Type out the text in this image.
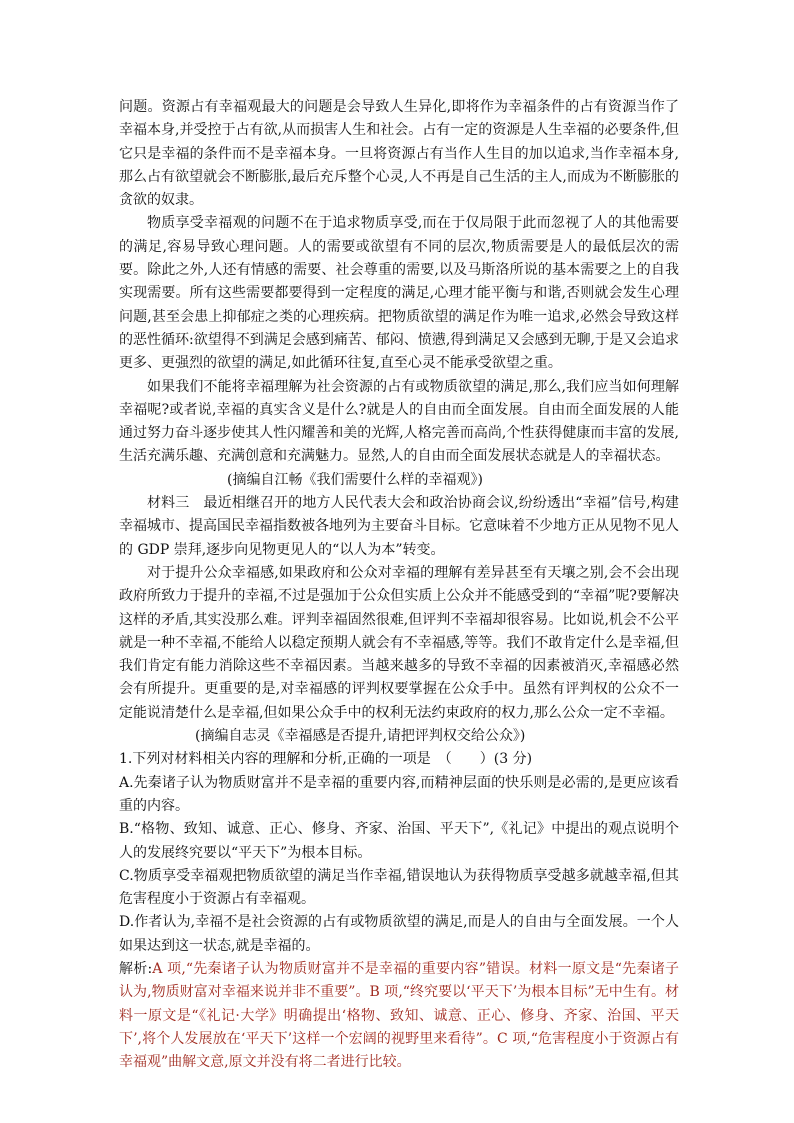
问题。资源占有幸福观最大的问题是会导致人生异化,即将作为幸福条件的占有资源当作了幸福本身,并受控于占有欲,从而损害人生和社会。占有一定的资源是人生幸福的必要条件,但它只是幸福的条件而不是幸福本身。一旦将资源占有当作人生目的加以追求,当作幸福本身,那么占有欲望就会不断膨胀,最后充斥整个心灵,人不再是自己生活的主人,而成为不断膨胀的贪欲的奴隶。

物质享受幸福观的问题不在于追求物质享受,而在于仅局限于此而忽视了人的其他需要的满足,容易导致心理问题。人的需要或欲望有不同的层次,物质需要是人的最低层次的需要。除此之外,人还有情感的需要、社会尊重的需要,以及马斯洛所说的基本需要之上的自我实现需要。所有这些需要都要得到一定程度的满足,心理才能平衡与和谐,否则就会发生心理问题,甚至会患上抑郁症之类的心理疾病。把物质欲望的满足作为唯一追求,必然会导致这样的恶性循环:欲望得不到满足会感到痛苦、郁闷、愤懑,得到满足又会感到无聊,于是又会追求更多、更强烈的欲望的满足,如此循环往复,直至心灵不能承受欲望之重。

如果我们不能将幸福理解为社会资源的占有或物质欲望的满足,那么,我们应当如何理解幸福呢?或者说,幸福的真实含义是什么?就是人的自由而全面发展。自由而全面发展的人能通过努力奋斗逐步使其人性闪耀善和美的光辉,人格完善而高尚,个性获得健康而丰富的发展,生活充满乐趣、充满创意和充满魅力。显然,人的自由而全面发展状态就是人的幸福状态。

(摘编自江畅《我们需要什么样的幸福观》)

材料三　最近相继召开的地方人民代表大会和政治协商会议,纷纷透出“幸福”信号,构建幸福城市、提高国民幸福指数被各地列为主要奋斗目标。它意味着不少地方正从见物不见人的 GDP 崇拜,逐步向见物更见人的“以人为本”转变。

对于提升公众幸福感,如果政府和公众对幸福的理解有差异甚至有天壤之别,会不会出现政府所致力于提升的幸福,不过是强加于公众但实质上公众并不能感受到的“幸福”呢?要解决这样的矛盾,其实没那么难。评判幸福固然很难,但评判不幸福却很容易。比如说,机会不公平就是一种不幸福,不能给人以稳定预期人就会有不幸福感,等等。我们不敢肯定什么是幸福,但我们肯定有能力消除这些不幸福因素。当越来越多的导致不幸福的因素被消灭,幸福感必然会有所提升。更重要的是,对幸福感的评判权要掌握在公众手中。虽然有评判权的公众不一定能说清楚什么是幸福,但如果公众手中的权利无法约束政府的权力,那么公众一定不幸福。

(摘编自志灵《幸福感是否提升,请把评判权交给公众》)

1.下列对材料相关内容的理解和分析,正确的一项是　（　　）(3 分)

A.先秦诸子认为物质财富并不是幸福的重要内容,而精神层面的快乐则是必需的,是更应该看重的内容。

B.“格物、致知、诚意、正心、修身、齐家、治国、平天下”,《礼记》中提出的观点说明个人的发展终究要以“平天下”为根本目标。

C.物质享受幸福观把物质欲望的满足当作幸福,错误地认为获得物质享受越多就越幸福,但其危害程度小于资源占有幸福观。

D.作者认为,幸福不是社会资源的占有或物质欲望的满足,而是人的自由与全面发展。一个人如果达到这一状态,就是幸福的。

解析:A 项,“先秦诸子认为物质财富并不是幸福的重要内容”错误。材料一原文是“先秦诸子认为,物质财富对幸福来说并非不重要”。B 项,“终究要以‘平天下’为根本目标”无中生有。材料一原文是“《礼记·大学》明确提出‘格物、致知、诚意、正心、修身、齐家、治国、平天下’,将个人发展放在‘平天下’这样一个宏阔的视野里来看待”。C 项,“危害程度小于资源占有幸福观”曲解文意,原文并没有将二者进行比较。
